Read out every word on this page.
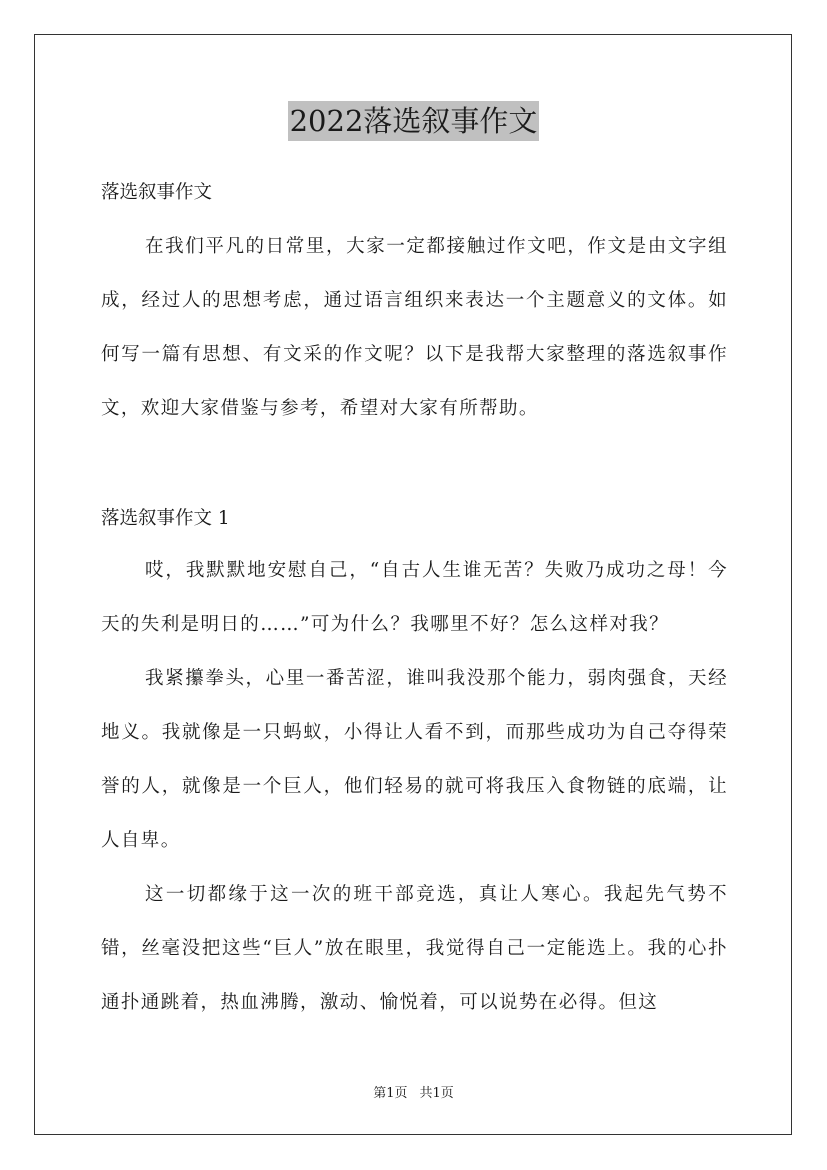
2022落选叙事作文
落选叙事作文
在我们平凡的日常里，大家一定都接触过作文吧，作文是由文字组成，经过人的思想考虑，通过语言组织来表达一个主题意义的文体。如何写一篇有思想、有文采的作文呢？以下是我帮大家整理的落选叙事作文，欢迎大家借鉴与参考，希望对大家有所帮助。
落选叙事作文 1
哎，我默默地安慰自己，“自古人生谁无苦？失败乃成功之母！今天的失利是明日的……”可为什么？我哪里不好？怎么这样对我？
我紧攥拳头，心里一番苦涩，谁叫我没那个能力，弱肉强食，天经地义。我就像是一只蚂蚁，小得让人看不到，而那些成功为自己夺得荣誉的人，就像是一个巨人，他们轻易的就可将我压入食物链的底端，让人自卑。
这一切都缘于这一次的班干部竞选，真让人寒心。我起先气势不错，丝毫没把这些“巨人”放在眼里，我觉得自己一定能选上。我的心扑通扑通跳着，热血沸腾，激动、愉悦着，可以说势在必得。但这
第1页 共1页
